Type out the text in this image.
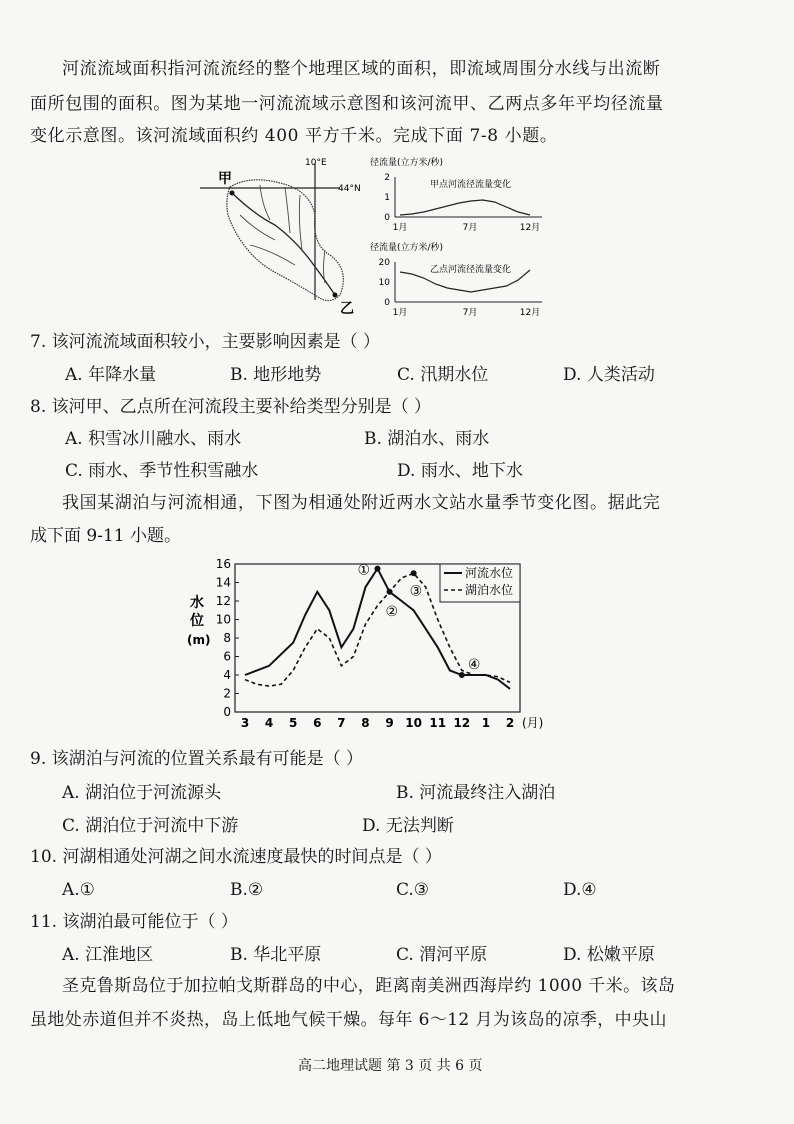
河流流域面积指河流流经的整个地理区域的面积，即流域周围分水线与出流断
面所包围的面积。图为某地一河流流域示意图和该河流甲、乙两点多年平均径流量
变化示意图。该河流域面积约 400 平方千米。完成下面 7-8 小题。
10°E
44°N
甲
乙
径流量(立方米/秒)
甲点河流径流量变化
2
1
0
1月	7月	12月
径流量(立方米/秒)
乙点河流径流量变化
20
10
0
1月	7月	12月
7. 该河流流域面积较小，主要影响因素是（ ）
A. 年降水量	B. 地形地势	C. 汛期水位	D. 人类活动
8. 该河甲、乙点所在河流段主要补给类型分别是（ ）
A. 积雪冰川融水、雨水	B. 湖泊水、雨水
C. 雨水、季节性积雪融水	D. 雨水、地下水
我国某湖泊与河流相通，下图为相通处附近两水文站水量季节变化图。据此完
成下面 9-11 小题。
0
2
4
6
8
10
12
14
16
3 4 5 6 7 8 9 10 11 12 1 2 (月)
水
位
(m)
河流水位
湖泊水位
①
②
③
④
9. 该湖泊与河流的位置关系最有可能是（ ）
A. 湖泊位于河流源头	B. 河流最终注入湖泊
C. 湖泊位于河流中下游	D. 无法判断
10. 河湖相通处河湖之间水流速度最快的时间点是（ ）
A.①	B.②	C.③	D.④
11. 该湖泊最可能位于（ ）
A. 江淮地区	B. 华北平原	C. 渭河平原	D. 松嫩平原
圣克鲁斯岛位于加拉帕戈斯群岛的中心，距离南美洲西海岸约 1000 千米。该岛
虽地处赤道但并不炎热，岛上低地气候干燥。每年 6～12 月为该岛的凉季，中央山
高二地理试题 第 3 页 共 6 页
